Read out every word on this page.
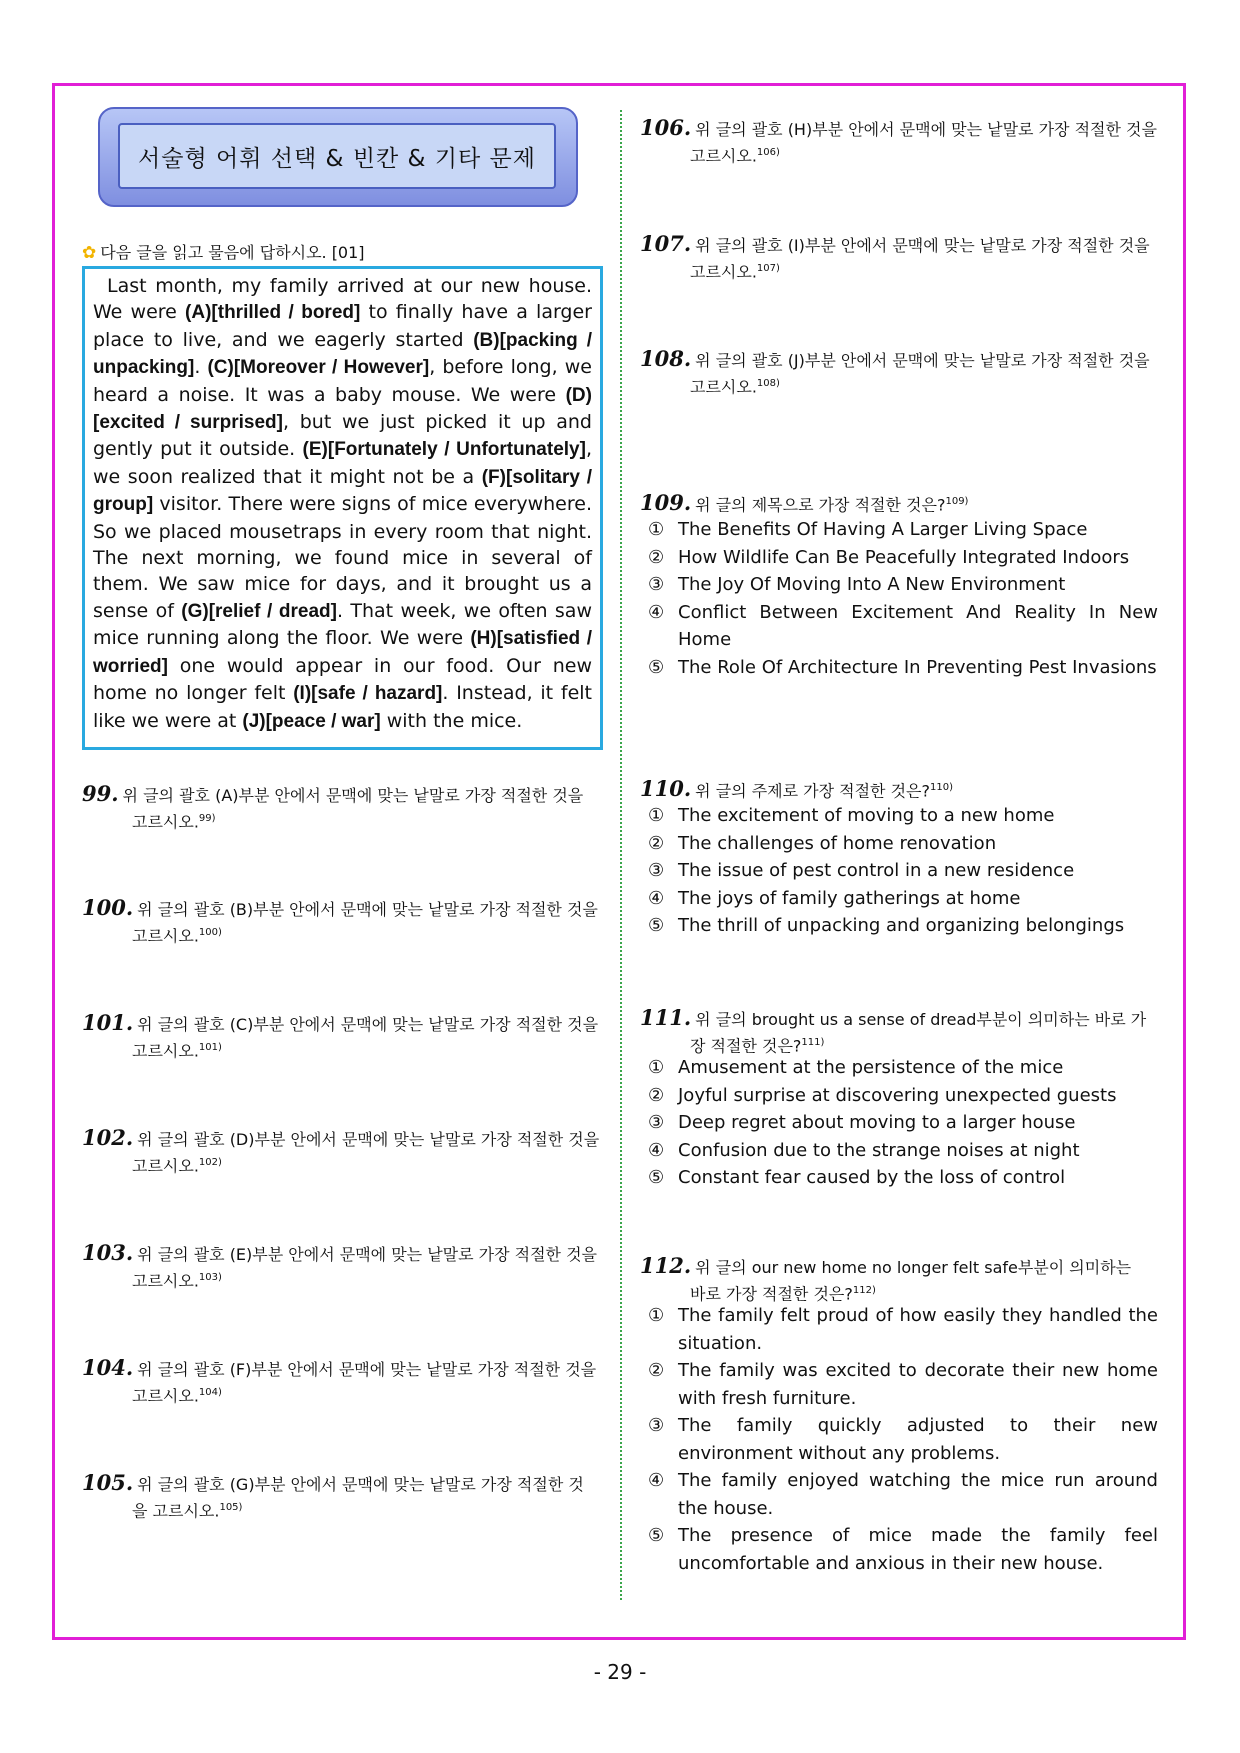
서술형 어휘 선택 & 빈칸 & 기타 문제
✿ 다음 글을 읽고 물음에 답하시오. [01]

Last month, my family arrived at our new house. We were (A)[thrilled / bored] to finally have a larger place to live, and we eagerly started (B)[packing / unpacking]. (C)[Moreover / However], before long, we heard a noise. It was a baby mouse. We were (D)[excited / surprised], but we just picked it up and gently put it outside. (E)[Fortunately / Unfortunately], we soon realized that it might not be a (F)[solitary / group] visitor. There were signs of mice everywhere. So we placed mousetraps in every room that night. The next morning, we found mice in several of them. We saw mice for days, and it brought us a sense of (G)[relief / dread]. That week, we often saw mice running along the floor. We were (H)[satisfied / worried] one would appear in our food. Our new home no longer felt (I)[safe / hazard]. Instead, it felt like we were at (J)[peace / war] with the mice.

99. 위 글의 괄호 (A)부분 안에서 문맥에 맞는 낱말로 가장 적절한 것을
고르시오.$^{99)}$
100. 위 글의 괄호 (B)부분 안에서 문맥에 맞는 낱말로 가장 적절한 것을
고르시오.$^{100)}$
101. 위 글의 괄호 (C)부분 안에서 문맥에 맞는 낱말로 가장 적절한 것을
고르시오.$^{101)}$
102. 위 글의 괄호 (D)부분 안에서 문맥에 맞는 낱말로 가장 적절한 것을
고르시오.$^{102)}$
103. 위 글의 괄호 (E)부분 안에서 문맥에 맞는 낱말로 가장 적절한 것을
고르시오.$^{103)}$
104. 위 글의 괄호 (F)부분 안에서 문맥에 맞는 낱말로 가장 적절한 것을
고르시오.$^{104)}$
105. 위 글의 괄호 (G)부분 안에서 문맥에 맞는 낱말로 가장 적절한 것
을 고르시오.$^{105)}$
106. 위 글의 괄호 (H)부분 안에서 문맥에 맞는 낱말로 가장 적절한 것을
고르시오.$^{106)}$
107. 위 글의 괄호 (I)부분 안에서 문맥에 맞는 낱말로 가장 적절한 것을
고르시오.$^{107)}$
108. 위 글의 괄호 (J)부분 안에서 문맥에 맞는 낱말로 가장 적절한 것을
고르시오.$^{108)}$
109. 위 글의 제목으로 가장 적절한 것은?$^{109)}$
① The Benefits Of Having A Larger Living Space
② How Wildlife Can Be Peacefully Integrated Indoors
③ The Joy Of Moving Into A New Environment
④ Conflict Between Excitement And Reality In New Home
⑤ The Role Of Architecture In Preventing Pest Invasions
110. 위 글의 주제로 가장 적절한 것은?$^{110)}$
① The excitement of moving to a new home
② The challenges of home renovation
③ The issue of pest control in a new residence
④ The joys of family gatherings at home
⑤ The thrill of unpacking and organizing belongings
111. 위 글의 brought us a sense of dread부분이 의미하는 바로 가
장 적절한 것은?$^{111)}$
① Amusement at the persistence of the mice
② Joyful surprise at discovering unexpected guests
③ Deep regret about moving to a larger house
④ Confusion due to the strange noises at night
⑤ Constant fear caused by the loss of control
112. 위 글의 our new home no longer felt safe부분이 의미하는
바로 가장 적절한 것은?$^{112)}$
① The family felt proud of how easily they handled the situation.
② The family was excited to decorate their new home with fresh furniture.
③ The family quickly adjusted to their new environment without any problems.
④ The family enjoyed watching the mice run around the house.
⑤ The presence of mice made the family feel uncomfortable and anxious in their new house.
- 29 -
